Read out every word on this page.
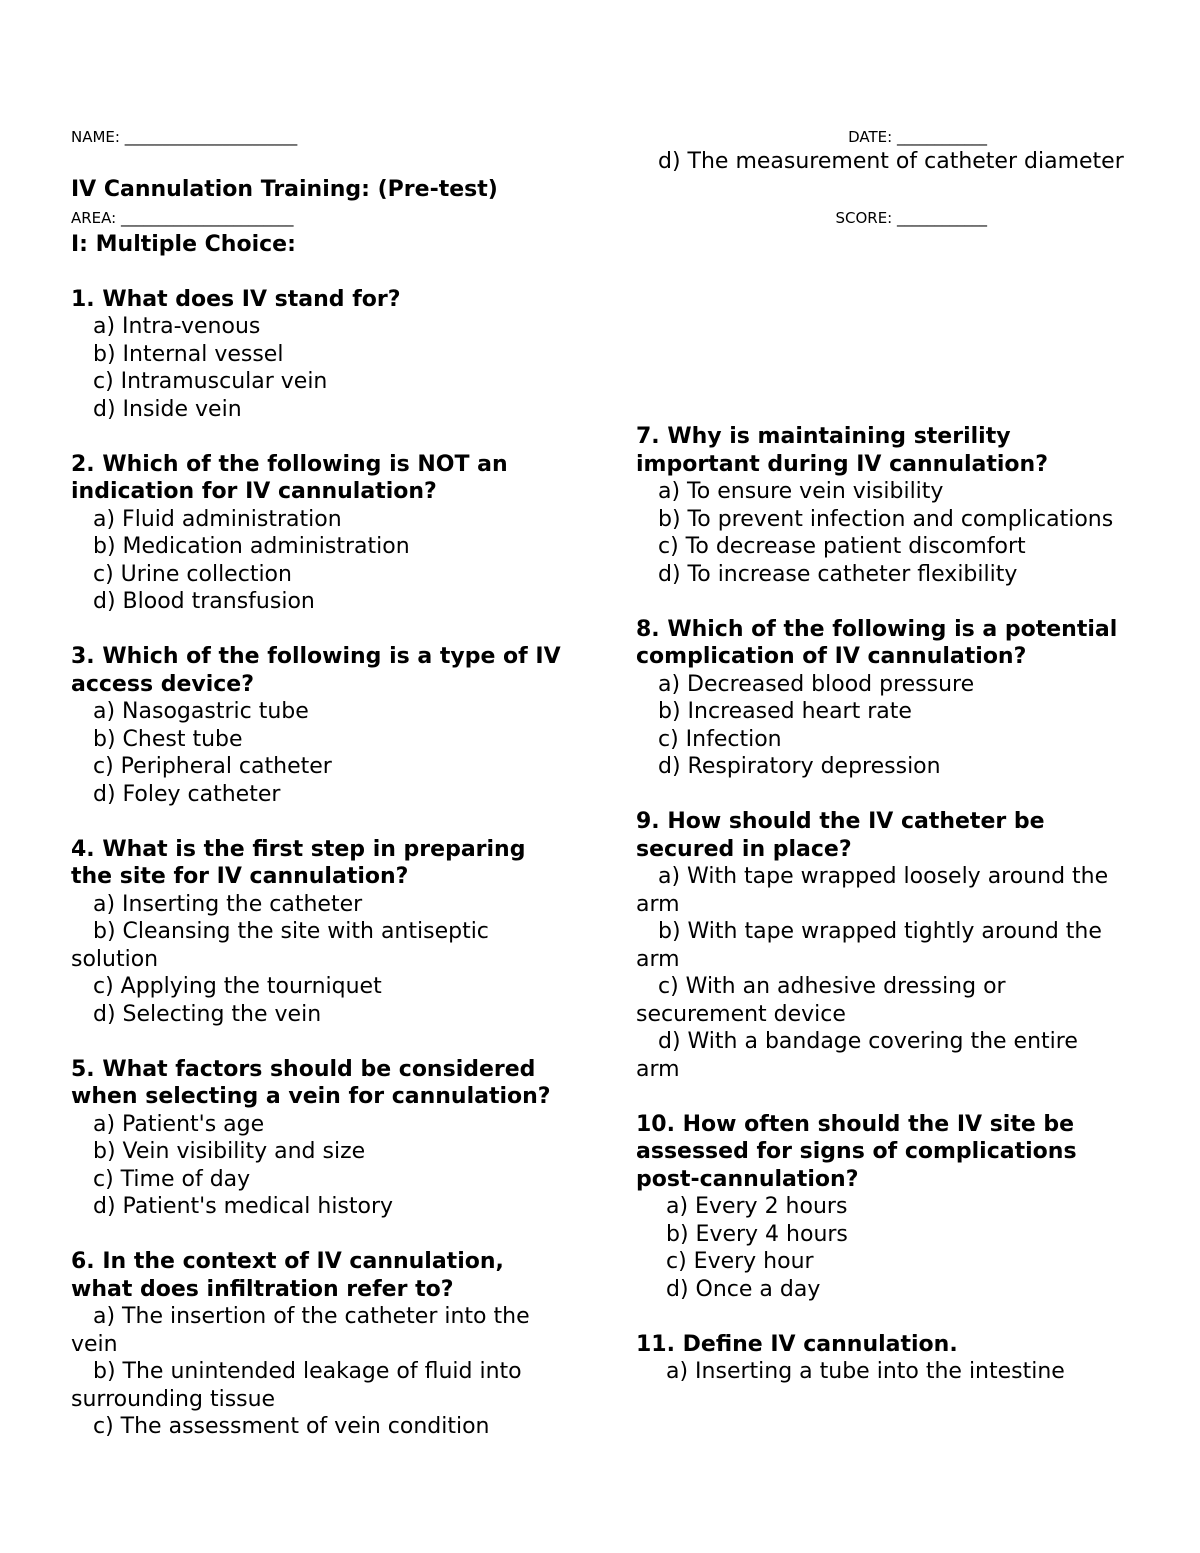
NAME: _______________________

AREA: _______________________

DATE: ____________

SCORE: ____________

IV Cannulation Training: (Pre-test)
I: Multiple Choice:
1. What does IV stand for?
a) Intra-venous
b) Internal vessel
c) Intramuscular vein
d) Inside vein
2. Which of the following is NOT an indication for IV cannulation?
a) Fluid administration
b) Medication administration
c) Urine collection
d) Blood transfusion
3. Which of the following is a type of IV access device?
a) Nasogastric tube
b) Chest tube
c) Peripheral catheter
d) Foley catheter
4. What is the first step in preparing the site for IV cannulation?
a) Inserting the catheter
b) Cleansing the site with antiseptic solution
c) Applying the tourniquet
d) Selecting the vein
5. What factors should be considered when selecting a vein for cannulation?
a) Patient's age
b) Vein visibility and size
c) Time of day
d) Patient's medical history
6. In the context of IV cannulation, what does infiltration refer to?
a) The insertion of the catheter into the vein
b) The unintended leakage of fluid into surrounding tissue
c) The assessment of vein condition
d) The measurement of catheter diameter
7. Why is maintaining sterility important during IV cannulation?
a) To ensure vein visibility
b) To prevent infection and complications
c) To decrease patient discomfort
d) To increase catheter flexibility
8. Which of the following is a potential complication of IV cannulation?
a) Decreased blood pressure
b) Increased heart rate
c) Infection
d) Respiratory depression
9. How should the IV catheter be secured in place?
a) With tape wrapped loosely around the arm
b) With tape wrapped tightly around the arm
c) With an adhesive dressing or securement device
d) With a bandage covering the entire arm
10. How often should the IV site be assessed for signs of complications post-cannulation?
a) Every 2 hours
b) Every 4 hours
c) Every hour
d) Once a day
11. Define IV cannulation.
a) Inserting a tube into the intestine
